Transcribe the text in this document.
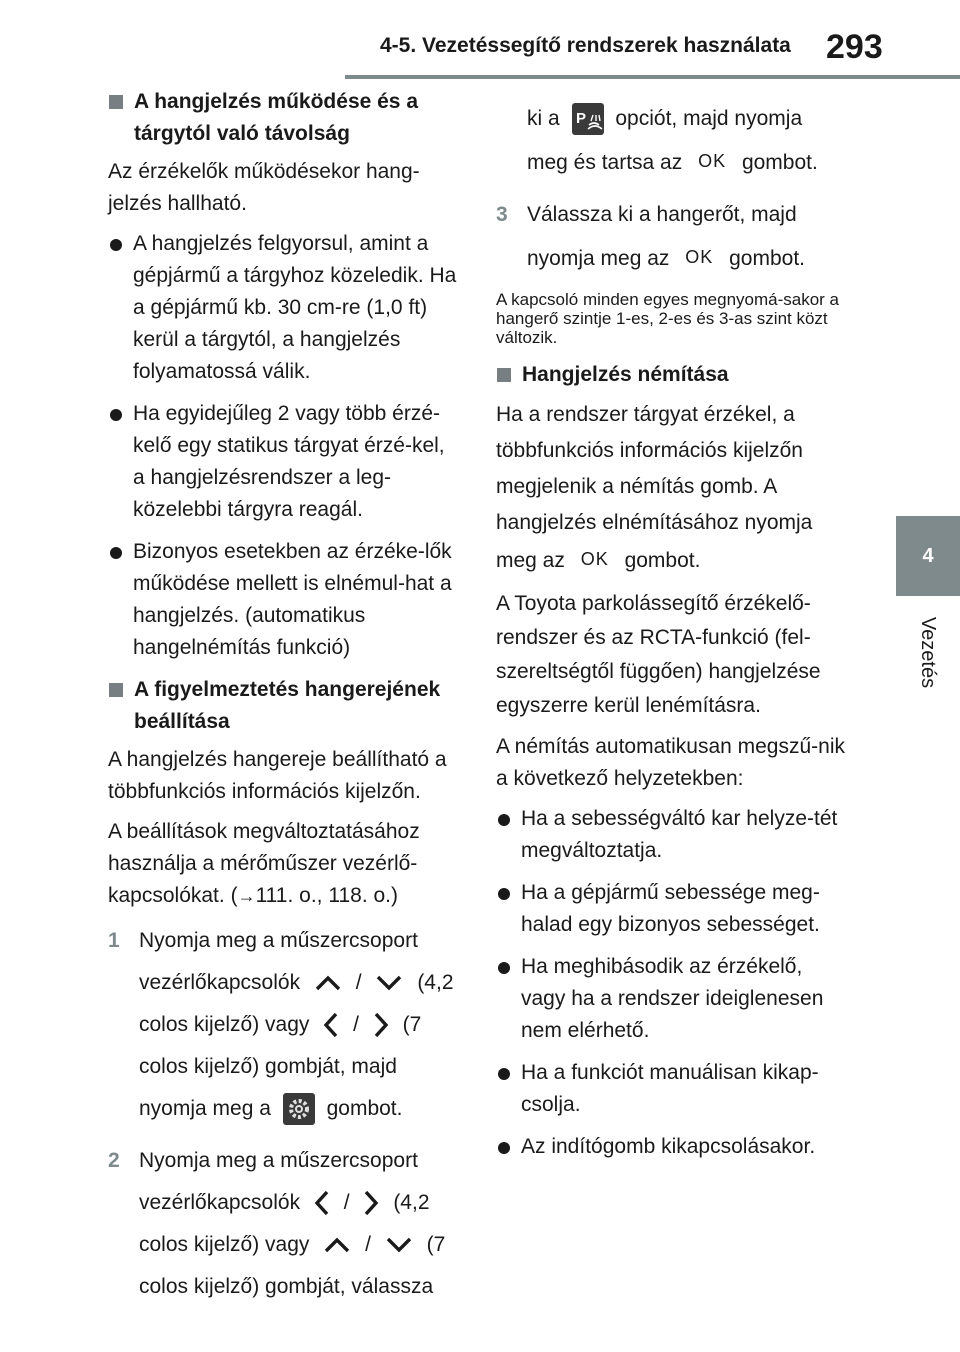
4-5. Vezetéssegítő rendszerek használata 293
4
Vezetés

A hangjelzés működése és a tárgytól való távolság

Az érzékelők működésekor hang-jelzés hallható.

A hangjelzés felgyorsul, amint a gépjármű a tárgyhoz közeledik. Ha a gépjármű kb. 30 cm-re (1,0 ft) kerül a tárgytól, a hangjelzés folyamatossá válik.

Ha egyidejűleg 2 vagy több érzé-kelő egy statikus tárgyat érzé-kel, a hangjelzésrendszer a leg-közelebbi tárgyra reagál.

Bizonyos esetekben az érzéke-lők működése mellett is elnémul-hat a hangjelzés. (automatikus hangelnémítás funkció)

A figyelmeztetés hangerejének beállítása

A hangjelzés hangereje beállítható a többfunkciós információs kijelzőn.

A beállítások megváltoztatásához használja a mérőműszer vezérlő-kapcsolókat. (→111. o., 118. o.)

1 Nyomja meg a műszercsoport vezérlőkapcsolók	/	(4,2 colos kijelző) vagy / (7 colos kijelző) gombját, majd nyomja meg a	gombot.

2 Nyomja meg a műszercsoport vezérlőkapcsolók / (4,2 colos kijelző) vagy	/	(7 colos kijelző) gombját, válassza

ki a P opciót, majd nyomja meg és tartsa az OK gombot.

3 Válassza ki a hangerőt, majd nyomja meg az OK gombot.

A kapcsoló minden egyes megnyomá-sakor a hangerő szintje 1-es, 2-es és 3-as szint közt változik.

Hangjelzés némítása

Ha a rendszer tárgyat érzékel, a többfunkciós információs kijelzőn megjelenik a némítás gomb. A hangjelzés elnémításához nyomja meg az OK gombot.

A Toyota parkolássegítő érzékelő-rendszer és az RCTA-funkció (fel-szereltségtől függően) hangjelzése egyszerre kerül lenémításra.

A némítás automatikusan megszű-nik a következő helyzetekben:

Ha a sebességváltó kar helyze-tét megváltoztatja.

Ha a gépjármű sebessége meg-halad egy bizonyos sebességet.

Ha meghibásodik az érzékelő, vagy ha a rendszer ideiglenesen nem elérhető.

Ha a funkciót manuálisan kikap-csolja.

Az indítógomb kikapcsolásakor.
